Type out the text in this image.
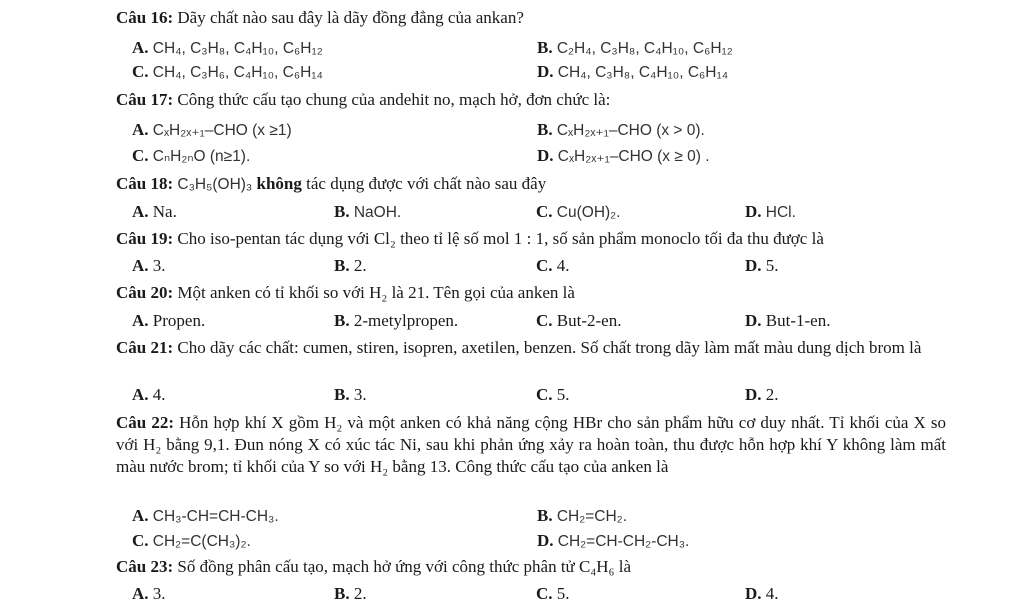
Câu 16: Dãy chất nào sau đây là dãy đồng đẳng của ankan?
A. CH₄, C₃H₈, C₄H₁₀, C₆H₁₂	B. C₂H₄, C₃H₈, C₄H₁₀, C₆H₁₂
C. CH₄, C₃H₆, C₄H₁₀, C₆H₁₄	D. CH₄, C₃H₈, C₄H₁₀, C₆H₁₄
Câu 17: Công thức cấu tạo chung của andehit no, mạch hở, đơn chức là:
A. CₓH₂ₓ₊₁–CHO (x ≥1)	B. CₓH₂ₓ₊₁–CHO (x > 0).
C. CₙH₂ₙO (n≥1).	D. CₓH₂ₓ₊₁–CHO (x ≥ 0) .
Câu 18: C₃H₅(OH)₃ không tác dụng được với chất nào sau đây
A. Na.	B. NaOH.	C. Cu(OH)₂.	D. HCl.
Câu 19: Cho iso-pentan tác dụng với Cl₂ theo tỉ lệ số mol 1 : 1, số sản phẩm monoclo tối đa thu được là
A. 3.	B. 2.	C. 4.	D. 5.
Câu 20: Một anken có tỉ khối so với H₂ là 21. Tên gọi của anken là
A. Propen.	B. 2-metylpropen.	C. But-2-en.	D. But-1-en.
Câu 21: Cho dãy các chất: cumen, stiren, isopren, axetilen, benzen. Số chất trong dãy làm mất màu dung dịch brom là
A. 4.	B. 3.	C. 5.	D. 2.
Câu 22: Hỗn hợp khí X gồm H₂ và một anken có khả năng cộng HBr cho sản phẩm hữu cơ duy nhất. Tỉ khối của X so với H₂ bằng 9,1. Đun nóng X có xúc tác Ni, sau khi phản ứng xảy ra hoàn toàn, thu được hỗn hợp khí Y không làm mất màu nước brom; tỉ khối của Y so với H₂ bằng 13. Công thức cấu tạo của anken là
A. CH₃-CH=CH-CH₃.	B. CH₂=CH₂.
C. CH₂=C(CH₃)₂.	D. CH₂=CH-CH₂-CH₃.
Câu 23: Số đồng phân cấu tạo, mạch hở ứng với công thức phân tử C₄H₆ là
A. 3.	B. 2.	C. 5.	D. 4.
